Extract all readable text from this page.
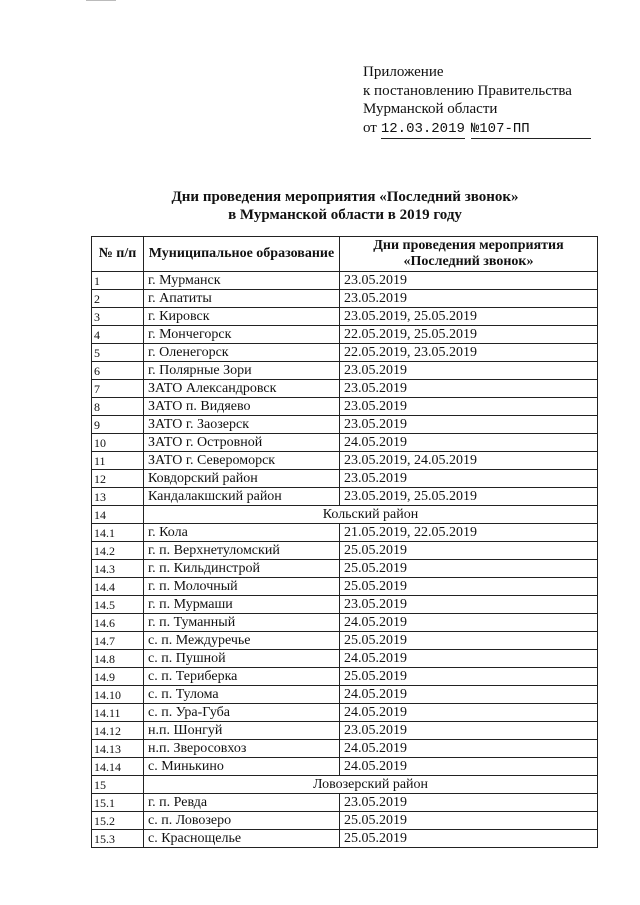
Приложение
к постановлению Правительства
Мурманской области
от 12.03.2019 №107-ПП
Дни проведения мероприятия «Последний звонок»
в Мурманской области в 2019 году
№ п/п	Муниципальное образование	Дни проведения мероприятия «Последний звонок»
1	г. Мурманск	23.05.2019
2	г. Апатиты	23.05.2019
3	г. Кировск	23.05.2019, 25.05.2019
4	г. Мончегорск	22.05.2019, 25.05.2019
5	г. Оленегорск	22.05.2019, 23.05.2019
6	г. Полярные Зори	23.05.2019
7	ЗАТО Александровск	23.05.2019
8	ЗАТО п. Видяево	23.05.2019
9	ЗАТО г. Заозерск	23.05.2019
10	ЗАТО г. Островной	24.05.2019
11	ЗАТО г. Североморск	23.05.2019, 24.05.2019
12	Ковдорский район	23.05.2019
13	Кандалакшский район	23.05.2019, 25.05.2019
14	Кольский район	
14.1	г. Кола	21.05.2019, 22.05.2019
14.2	г. п. Верхнетуломский	25.05.2019
14.3	г. п. Кильдинстрой	25.05.2019
14.4	г. п. Молочный	25.05.2019
14.5	г. п. Мурмаши	23.05.2019
14.6	г. п. Туманный	24.05.2019
14.7	с. п. Междуречье	25.05.2019
14.8	с. п. Пушной	24.05.2019
14.9	с. п. Териберка	25.05.2019
14.10	с. п. Тулома	24.05.2019
14.11	с. п. Ура-Губа	24.05.2019
14.12	н.п. Шонгуй	23.05.2019
14.13	н.п. Зверосовхоз	24.05.2019
14.14	с. Минькино	24.05.2019
15	Ловозерский район	
15.1	г. п. Ревда	23.05.2019
15.2	с. п. Ловозеро	25.05.2019
15.3	с. Краснощелье	25.05.2019
